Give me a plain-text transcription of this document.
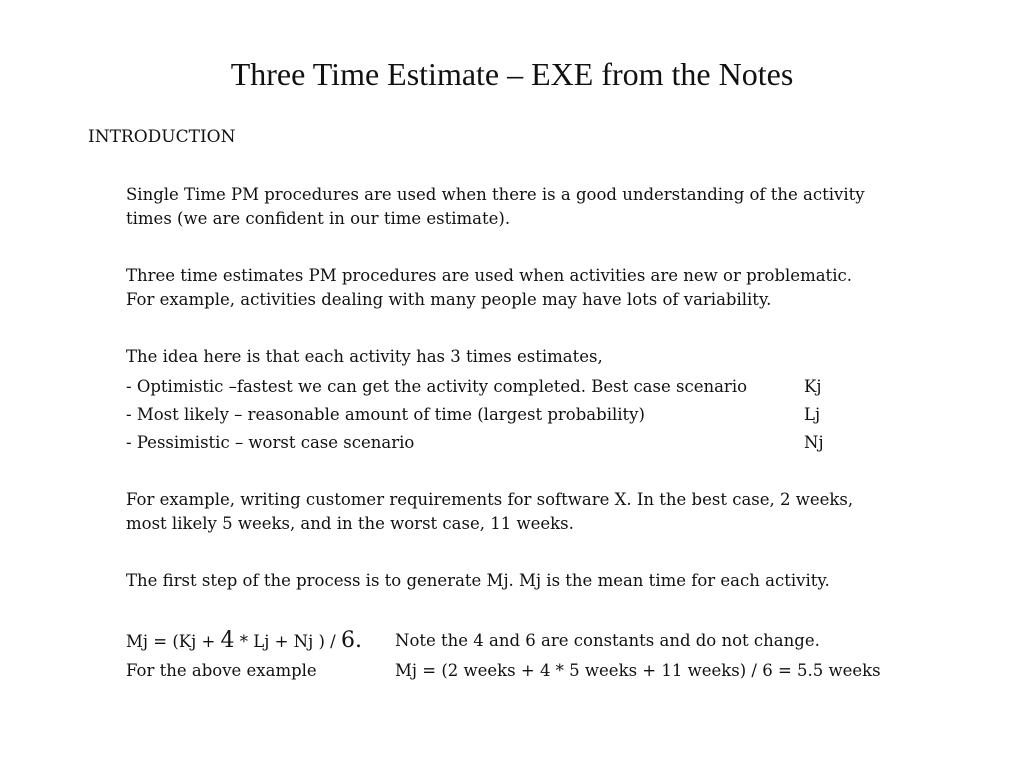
Three Time Estimate – EXE from the Notes
INTRODUCTION

Single Time PM procedures are used when there is a good understanding of the activity times (we are confident in our time estimate).

Three time estimates PM procedures are used when activities are new or problematic. For example, activities dealing with many people may have lots of variability.

The idea here is that each activity has 3 times estimates,

- Optimistic –fastest we can get the activity completed. Best case scenario	Kj
- Most likely – reasonable amount of time (largest probability)	Lj
- Pessimistic – worst case scenario	Nj

For example, writing customer requirements for software X. In the best case, 2 weeks, most likely 5 weeks, and in the worst case, 11 weeks.

The first step of the process is to generate Mj. Mj is the mean time for each activity.

Mj = (Kj + 4 * Lj + Nj ) / 6. Note the 4 and 6 are constants and do not change.
For the above example	Mj = (2 weeks + 4 * 5 weeks + 11 weeks) / 6 = 5.5 weeks
